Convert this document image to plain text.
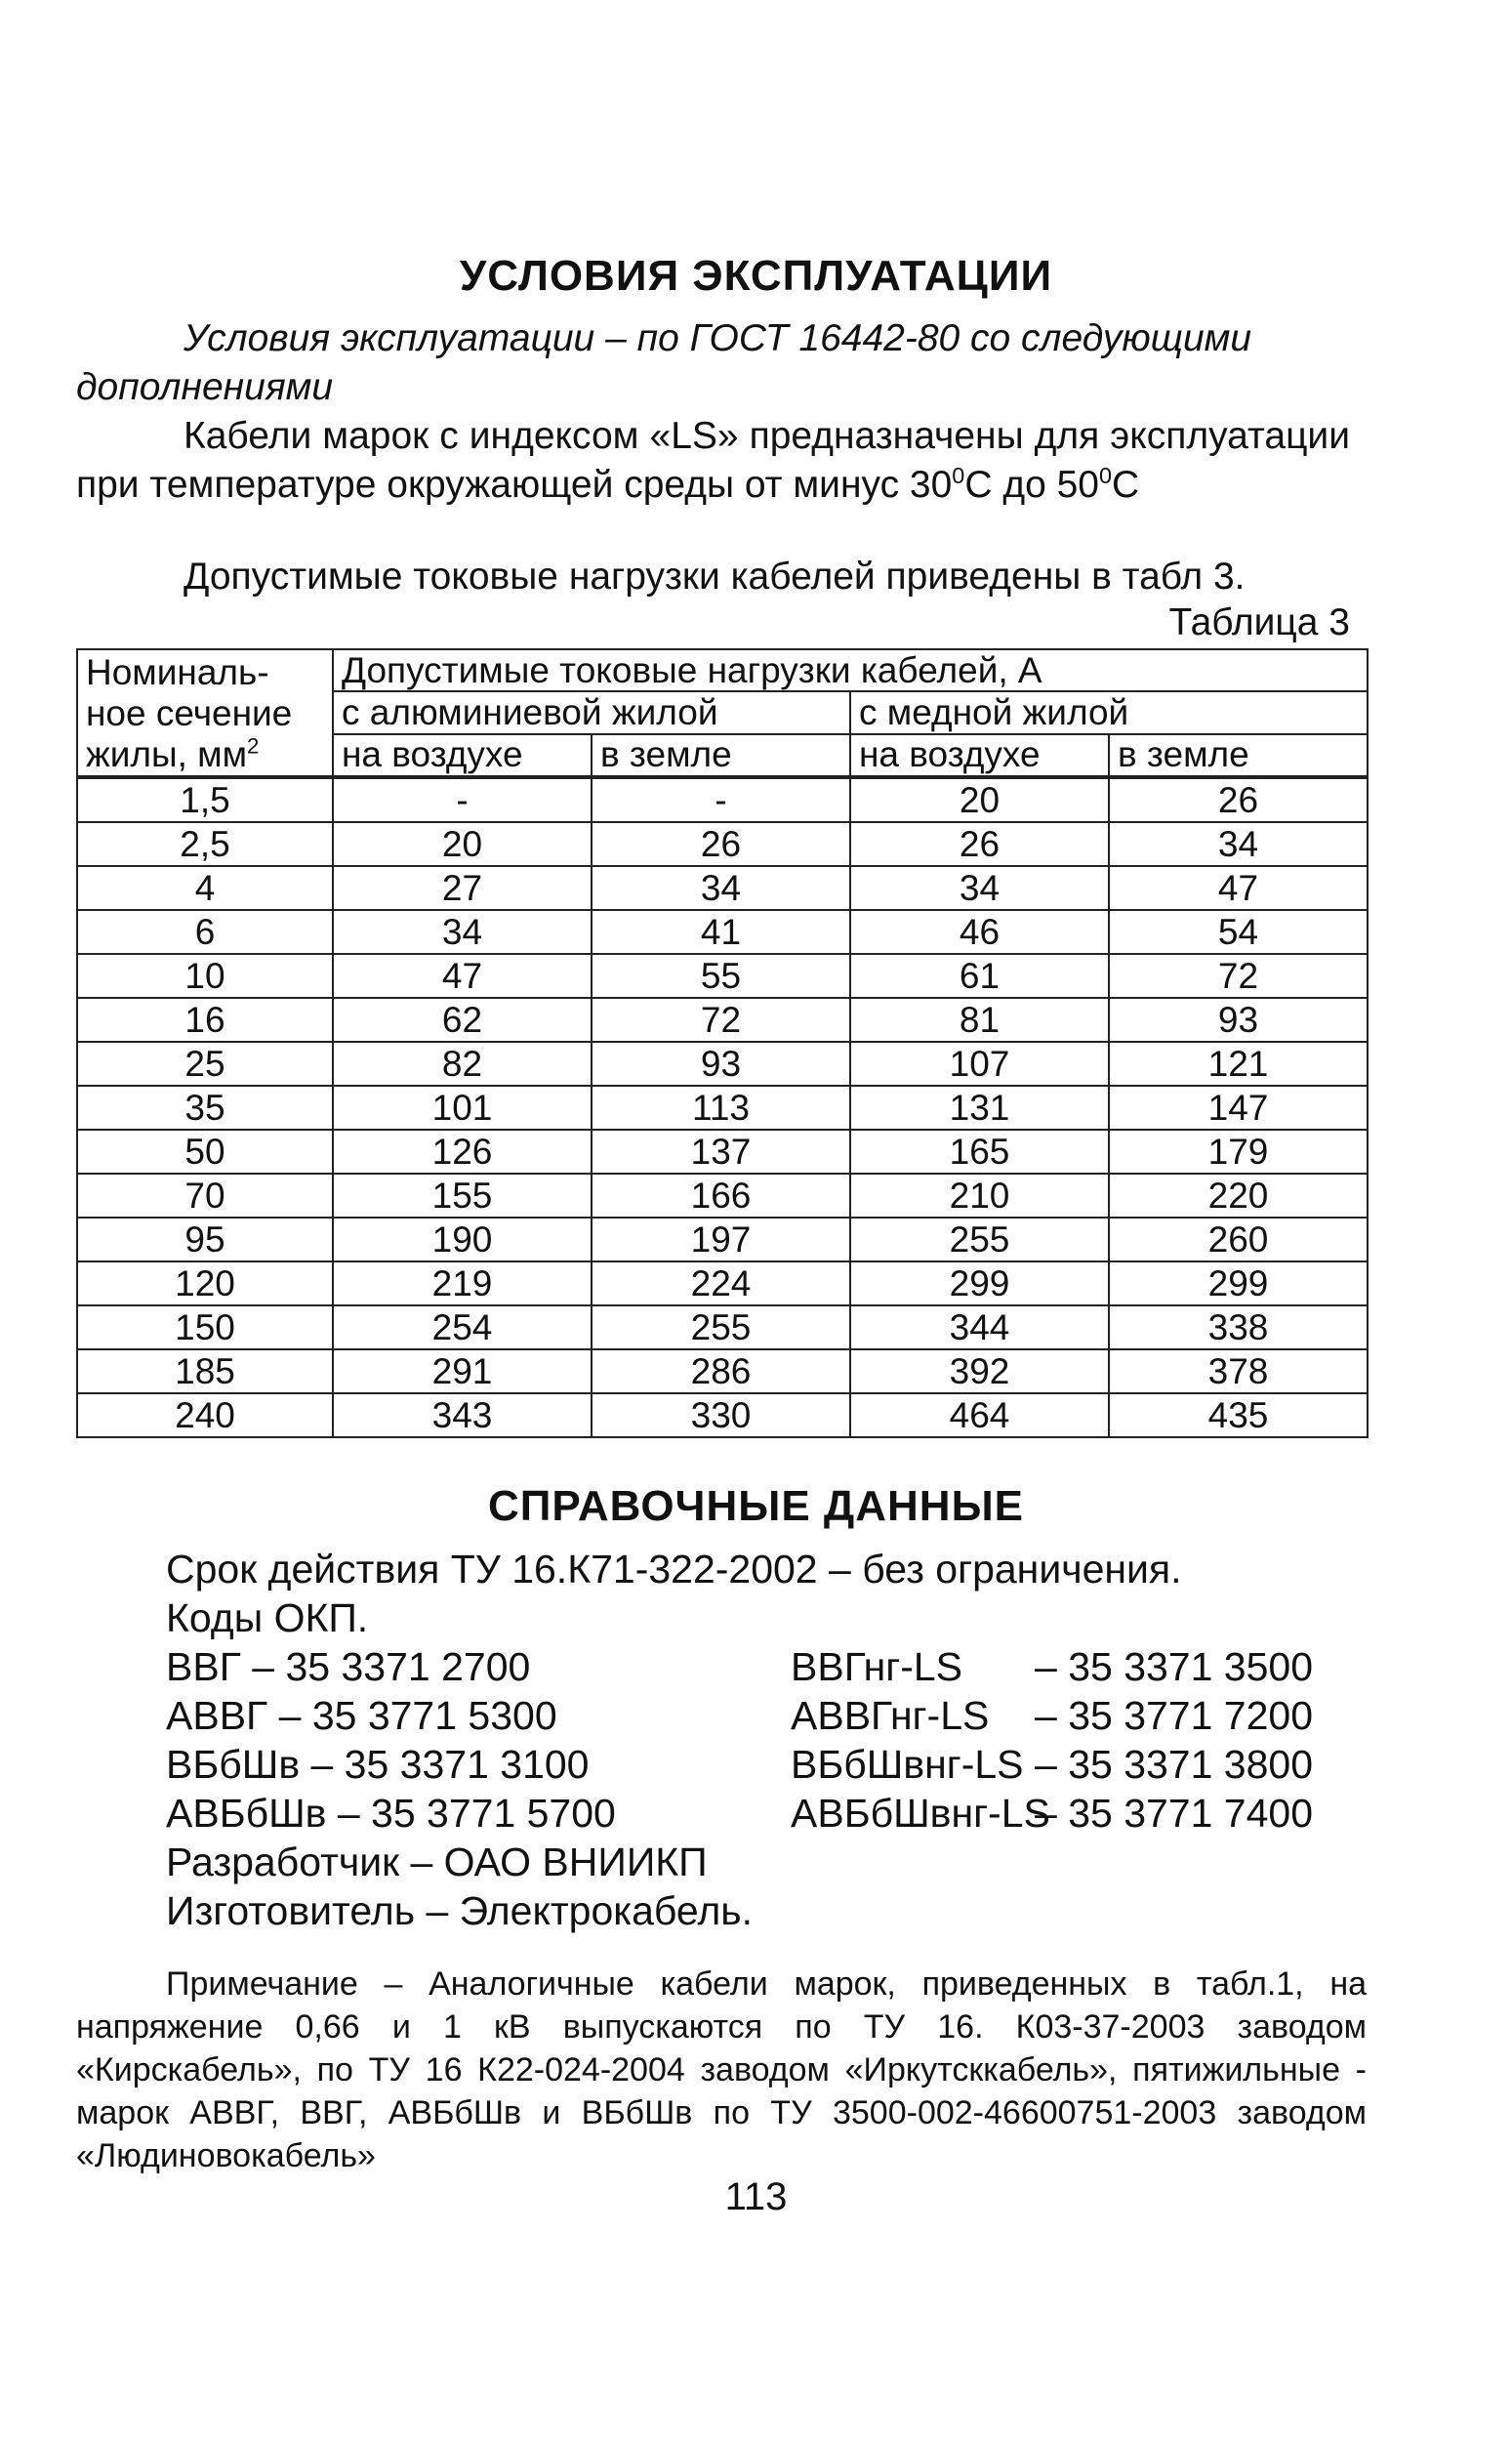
УСЛОВИЯ ЭКСПЛУАТАЦИИ

Условия эксплуатации – по ГОСТ 16442-80 со следующими дополнениями

Кабели марок с индексом «LS» предназначены для эксплуатации при температуре окружающей среды от минус $30^0С$ до $50^0С$

Допустимые токовые нагрузки кабелей приведены в табл 3.

Таблица 3
Номиналь-ное сечение жилы, $мм^2$	Допустимые токовые нагрузки кабелей, А			
	с алюминиевой жилой		с медной жилой	
	на воздухе	в земле	на воздухе	в земле
1,5	-	-	20	26
2,5	20	26	26	34
4	27	34	34	47
6	34	41	46	54
10	47	55	61	72
16	62	72	81	93
25	82	93	107	121
35	101	113	131	147
50	126	137	165	179
70	155	166	210	220
95	190	197	255	260
120	219	224	299	299
150	254	255	344	338
185	291	286	392	378
240	343	330	464	435
СПРАВОЧНЫЕ ДАННЫЕ
Срок действия ТУ 16.К71-322-2002 – без ограничения.
Коды ОКП.
ВВГ – 35 3371 2700
АВВГ – 35 3771 5300
ВБбШв – 35 3371 3100
АВБбШв – 35 3771 5700
ВВГнг-LS – 35 3371 3500
АВВГнг-LS – 35 3771 7200
ВБбШвнг-LS – 35 3371 3800
АВБбШвнг-LS– 35 3771 7400
Разработчик – ОАО ВНИИКП
Изготовитель – Электрокабель.

Примечание – Аналогичные кабели марок, приведенных в табл.1, на напряжение 0,66 и 1 кВ выпускаются по ТУ 16. К03-37-2003 заводом «Кирскабель», по ТУ 16 К22-024-2004 заводом «Иркутсккабель», пятижильные - марок АВВГ, ВВГ, АВБбШв и ВБбШв по ТУ 3500-002-46600751-2003 заводом «Людиновокабель»

113
